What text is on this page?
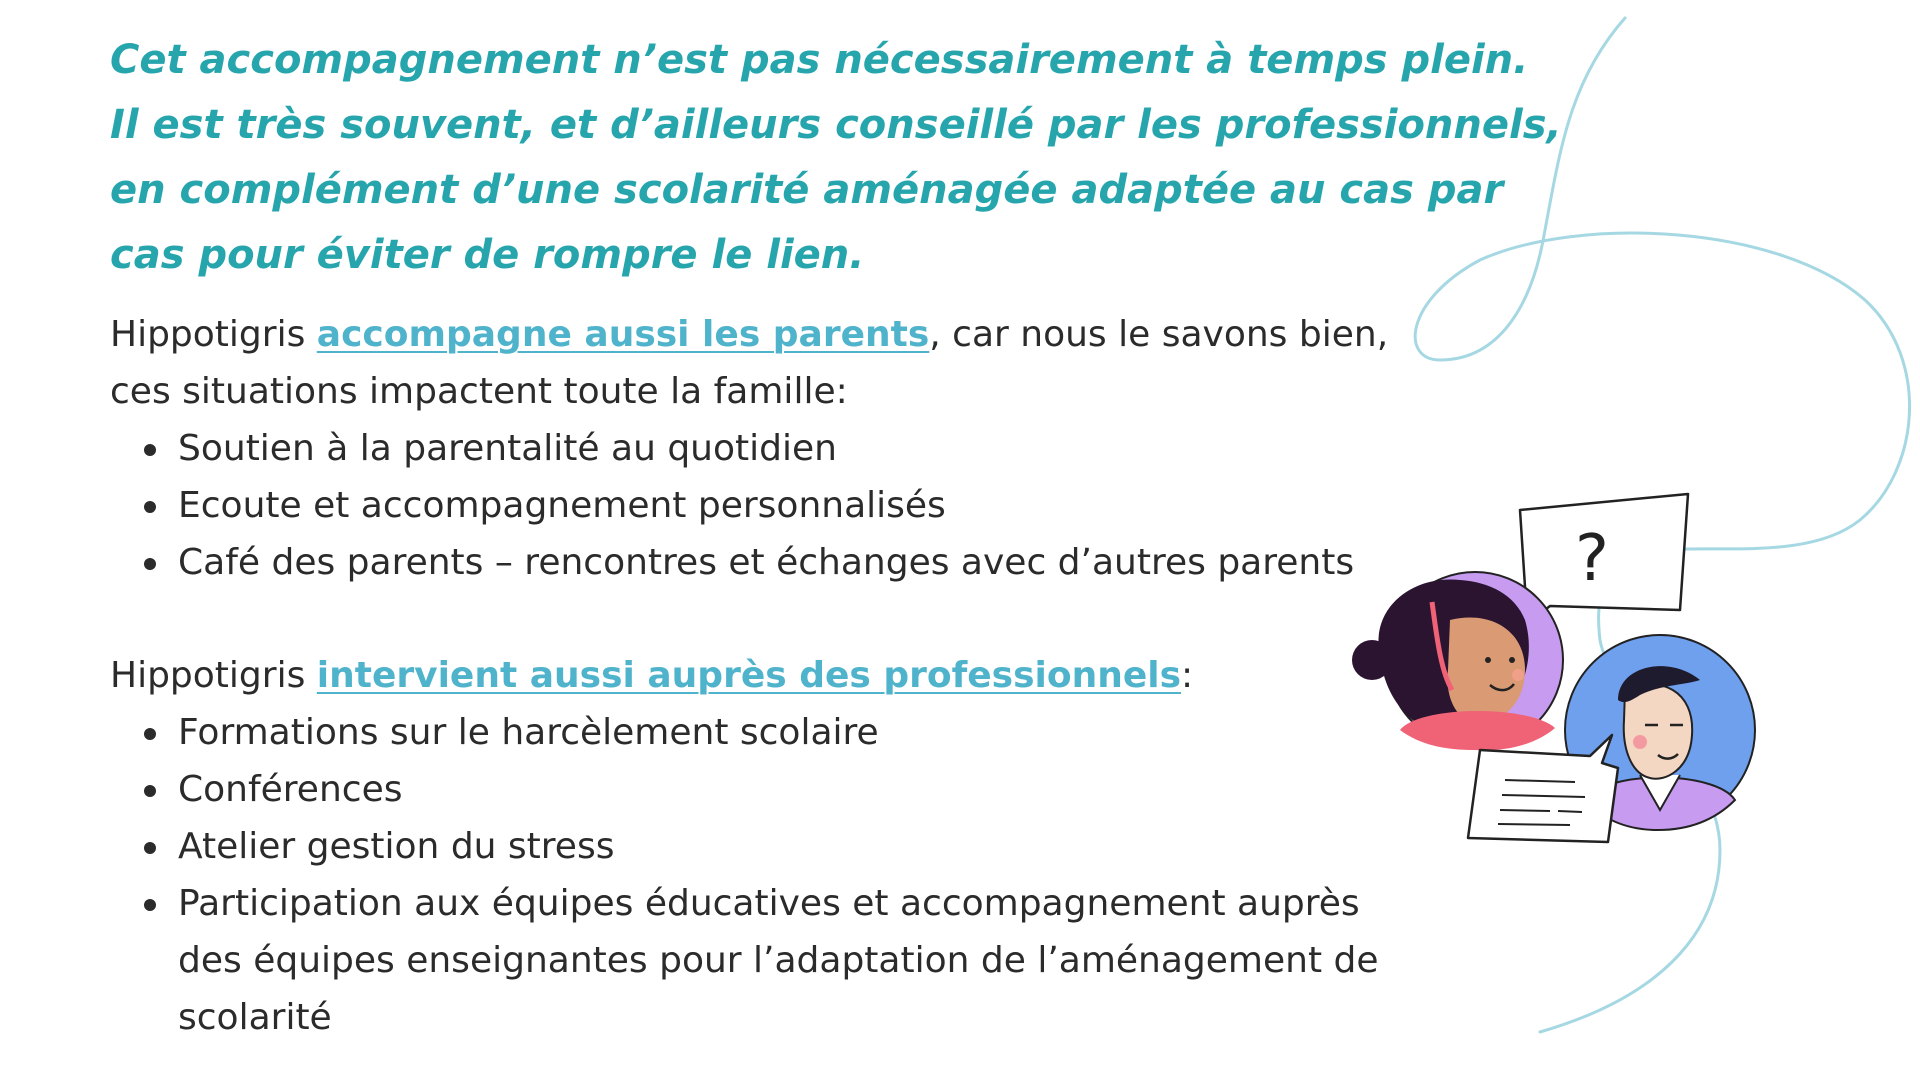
Cet accompagnement n’est pas nécessairement à temps plein.
Il est très souvent, et d’ailleurs conseillé par les professionnels,
en complément d’une scolarité aménagée adaptée au cas par
cas pour éviter de rompre le lien.

Hippotigris accompagne aussi les parents, car nous le savons bien,
ces situations impactent toute la famille:
Soutien à la parentalité au quotidien
Ecoute et accompagnement personnalisés
Café des parents – rencontres et échanges avec d’autres parents
Hippotigris intervient aussi auprès des professionnels:
Formations sur le harcèlement scolaire
Conférences
Atelier gestion du stress
Participation aux équipes éducatives et accompagnement auprès
des équipes enseignantes pour l’adaptation de l’aménagement de
scolarité
?
